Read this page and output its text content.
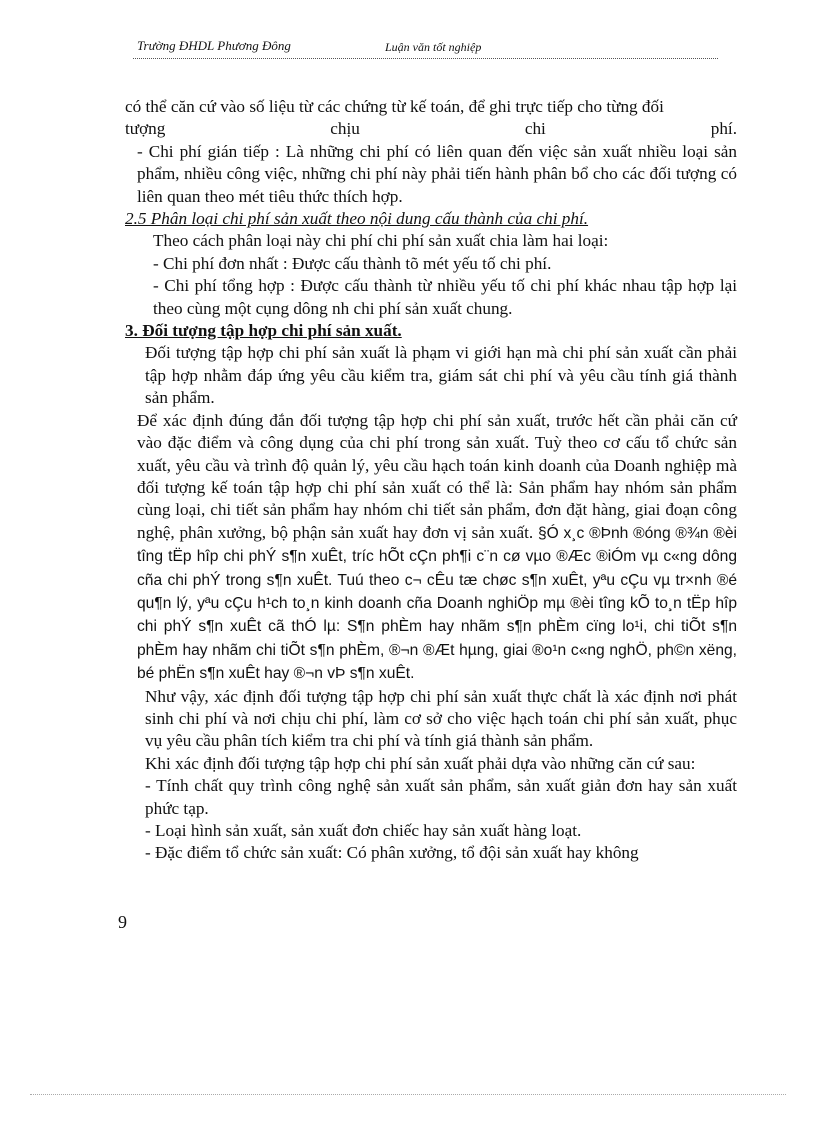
Trường ĐHDL Phương Đông	Luận văn tốt nghiệp
có thể căn cứ vào số liệu từ các chứng từ kế toán, để ghi trực tiếp cho từng đối
tượng	chịu	chi	phí.

- Chi phí gián tiếp : Là những chi phí có liên quan đến việc sản xuất nhiều loại sản phẩm, nhiều công việc, những chi phí này phải tiến hành phân bổ cho các đối tượng có liên quan theo mét tiêu thức thích hợp.

2.5 Phân loại chi phí sản xuất theo nội dung cấu thành của chi phí.

Theo cách phân loại này chi phí chi phí sản xuất chia làm hai loại:

- Chi phí đơn nhất : Được cấu thành tõ mét yếu tố chi phí.

- Chi phí tổng hợp : Được cấu thành từ nhiều yếu tố chi phí khác nhau tập hợp lại theo cùng một cụng dông nh chi phí sản xuất chung.

3. Đối tượng tập hợp chi phí sản xuất.

Đối tượng tập hợp chi phí sản xuất là phạm vi giới hạn mà chi phí sản xuất cần phải tập hợp nhằm đáp ứng yêu cầu kiểm tra, giám sát chi phí và yêu cầu tính giá thành sản phẩm.

Để xác định đúng đắn đối tượng tập hợp chi phí sản xuất, trước hết cần phải căn cứ vào đặc điểm và công dụng của chi phí trong sản xuất. Tuỳ theo cơ cấu tổ chức sản xuất, yêu cầu và trình độ quản lý, yêu cầu hạch toán kinh doanh của Doanh nghiệp mà đối tượng kế toán tập hợp chi phí sản xuất có thể là: Sản phẩm hay nhóm sản phẩm cùng loại, chi tiết sản phẩm hay nhóm chi tiết sản phẩm, đơn đặt hàng, giai đoạn công nghệ, phân xưởng, bộ phận sản xuất hay đơn vị sản xuất. §Ó x¸c ®Þnh ®óng ®¾n ®èi tîng tËp hîp chi phÝ s¶n xuÊt, tríc hÕt cÇn ph¶i c¨n cø vµo ®Æc ®iÓm vµ c«ng dông cña chi phÝ trong s¶n xuÊt. Tuú theo c¬ cÊu tæ chøc s¶n xuÊt, yªu cÇu vµ tr×nh ®é qu¶n lý, yªu cÇu h¹ch to¸n kinh doanh cña Doanh nghiÖp mµ ®èi tîng kÕ to¸n tËp hîp chi phÝ s¶n xuÊt cã thÓ lµ: S¶n phÈm hay nhãm s¶n phÈm cïng lo¹i, chi tiÕt s¶n phÈm hay nhãm chi tiÕt s¶n phÈm, ®¬n ®Æt hµng, giai ®o¹n c«ng nghÖ, ph©n xëng, bé phËn s¶n xuÊt hay ®¬n vÞ s¶n xuÊt.

Như vậy, xác định đối tượng tập hợp chi phí sản xuất thực chất là xác định nơi phát sinh chi phí và nơi chịu chi phí, làm cơ sở cho việc hạch toán chi phí sản xuất, phục vụ yêu cầu phân tích kiểm tra chi phí và tính giá thành sản phẩm.

Khi xác định đối tượng tập hợp chi phí sản xuất phải dựa vào những căn cứ sau:

- Tính chất quy trình công nghệ sản xuất sản phẩm, sản xuất giản đơn hay sản xuất phức tạp.

- Loại hình sản xuất, sản xuất đơn chiếc hay sản xuất hàng loạt.

- Đặc điểm tổ chức sản xuất: Có phân xưởng, tổ đội sản xuất hay không

9
